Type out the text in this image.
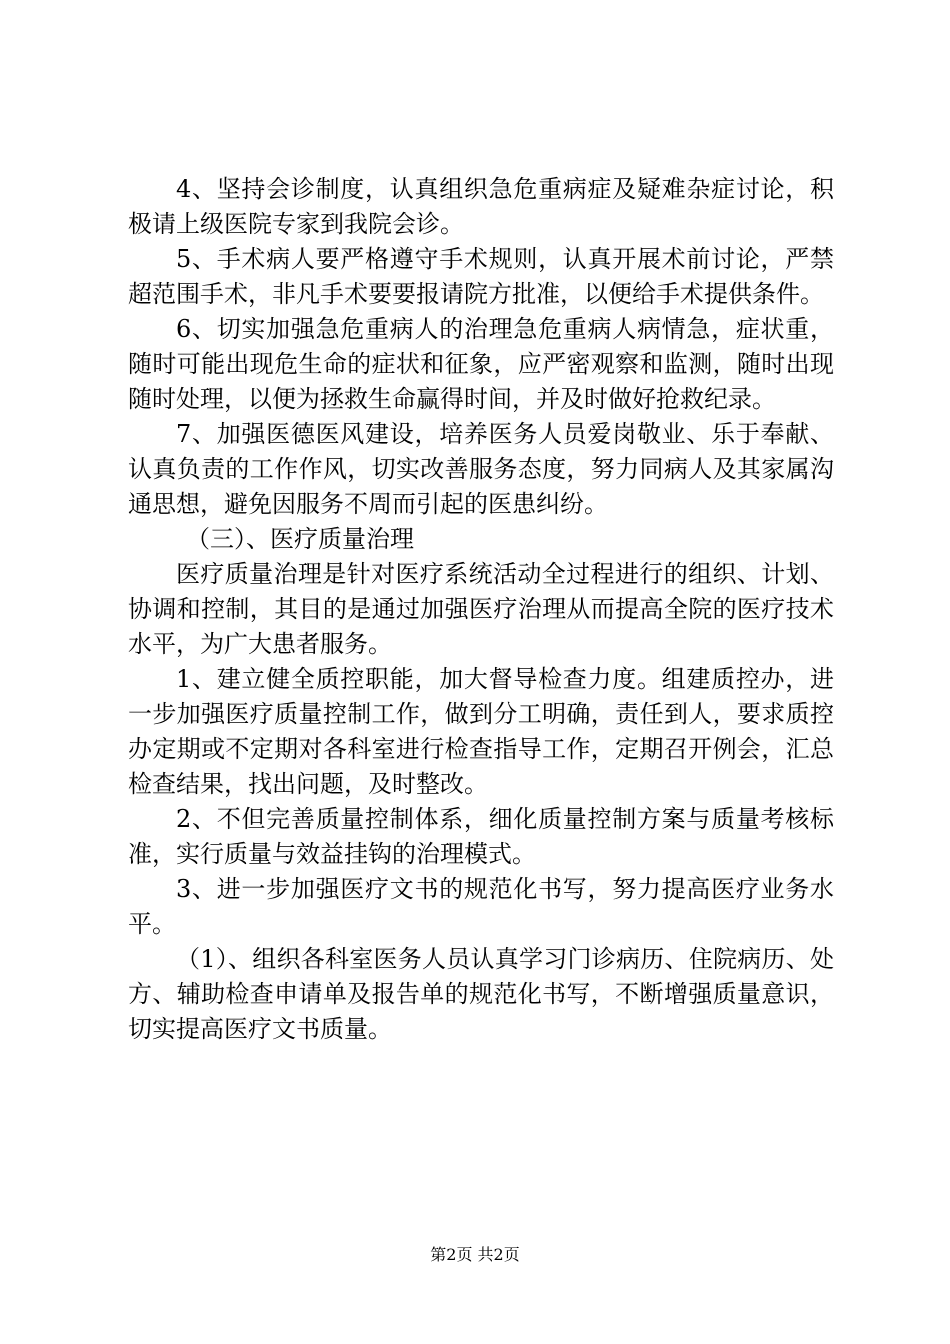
4、坚持会诊制度，认真组织急危重病症及疑难杂症讨论，积极请上级医院专家到我院会诊。

5、手术病人要严格遵守手术规则，认真开展术前讨论，严禁超范围手术，非凡手术要要报请院方批准，以便给手术提供条件。

6、切实加强急危重病人的治理急危重病人病情急，症状重，随时可能出现危生命的症状和征象，应严密观察和监测，随时出现随时处理，以便为拯救生命赢得时间，并及时做好抢救纪录。

7、加强医德医风建设，培养医务人员爱岗敬业、乐于奉献、认真负责的工作作风，切实改善服务态度，努力同病人及其家属沟通思想，避免因服务不周而引起的医患纠纷。

（三）、医疗质量治理

医疗质量治理是针对医疗系统活动全过程进行的组织、计划、协调和控制，其目的是通过加强医疗治理从而提高全院的医疗技术水平，为广大患者服务。

1、建立健全质控职能，加大督导检查力度。组建质控办，进一步加强医疗质量控制工作，做到分工明确，责任到人，要求质控办定期或不定期对各科室进行检查指导工作，定期召开例会，汇总检查结果，找出问题，及时整改。

2、不但完善质量控制体系，细化质量控制方案与质量考核标准，实行质量与效益挂钩的治理模式。

3、进一步加强医疗文书的规范化书写，努力提高医疗业务水平。

（1）、组织各科室医务人员认真学习门诊病历、住院病历、处方、辅助检查申请单及报告单的规范化书写，不断增强质量意识，切实提高医疗文书质量。

第2页 共2页
